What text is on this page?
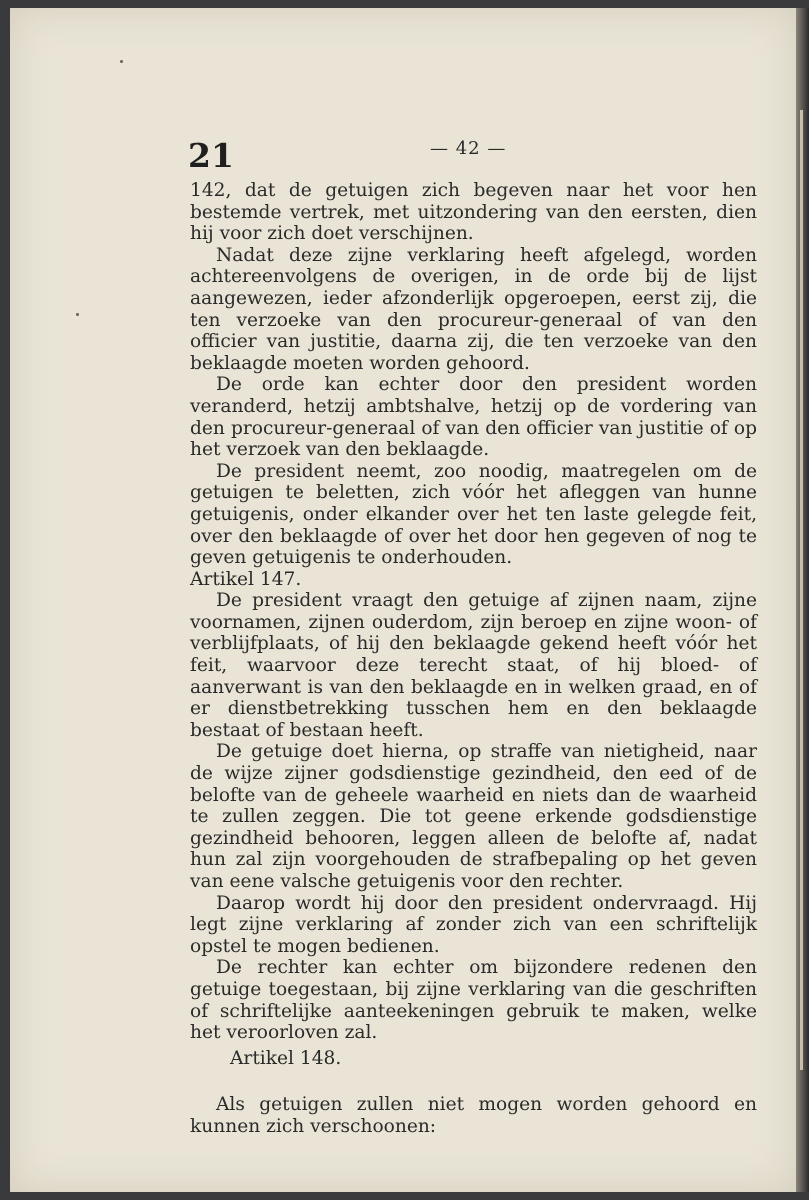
21	— 42 —

142, dat de getuigen zich begeven naar het voor hen bestemde vertrek, met uitzondering van den eersten, dien hij voor zich doet verschijnen.

Nadat deze zijne verklaring heeft afgelegd, worden achtereenvolgens de overigen, in de orde bij de lijst aangewezen, ieder afzonderlijk opgeroepen, eerst zij, die ten verzoeke van den procureur-generaal of van den officier van justitie, daarna zij, die ten verzoeke van den beklaagde moeten worden gehoord.

De orde kan echter door den president worden veranderd, hetzij ambtshalve, hetzij op de vordering van den procureur-generaal of van den officier van justitie of op het verzoek van den beklaagde.

De president neemt, zoo noodig, maatregelen om de getuigen te beletten, zich vóór het afleggen van hunne getuigenis, onder elkander over het ten laste gelegde feit, over den beklaagde of over het door hen gegeven of nog te geven getuigenis te onderhouden.

Artikel 147.

De president vraagt den getuige af zijnen naam, zijne voornamen, zijnen ouderdom, zijn beroep en zijne woon- of verblijfplaats, of hij den beklaagde gekend heeft vóór het feit, waarvoor deze terecht staat, of hij bloed- of aanverwant is van den beklaagde en in welken graad, en of er dienstbetrekking tusschen hem en den beklaagde bestaat of bestaan heeft.

De getuige doet hierna, op straffe van nietigheid, naar de wijze zijner godsdienstige gezindheid, den eed of de belofte van de geheele waarheid en niets dan de waarheid te zullen zeggen. Die tot geene erkende godsdienstige gezindheid behooren, leggen alleen de belofte af, nadat hun zal zijn voorgehouden de strafbepaling op het geven van eene valsche getuigenis voor den rechter.

Daarop wordt hij door den president ondervraagd. Hij legt zijne verklaring af zonder zich van een schriftelijk opstel te mogen bedienen.

De rechter kan echter om bijzondere redenen den getuige toegestaan, bij zijne verklaring van die geschriften of schriftelijke aanteekeningen gebruik te maken, welke het veroorloven zal.

Artikel 148.

Als getuigen zullen niet mogen worden gehoord en kunnen zich verschoonen:
